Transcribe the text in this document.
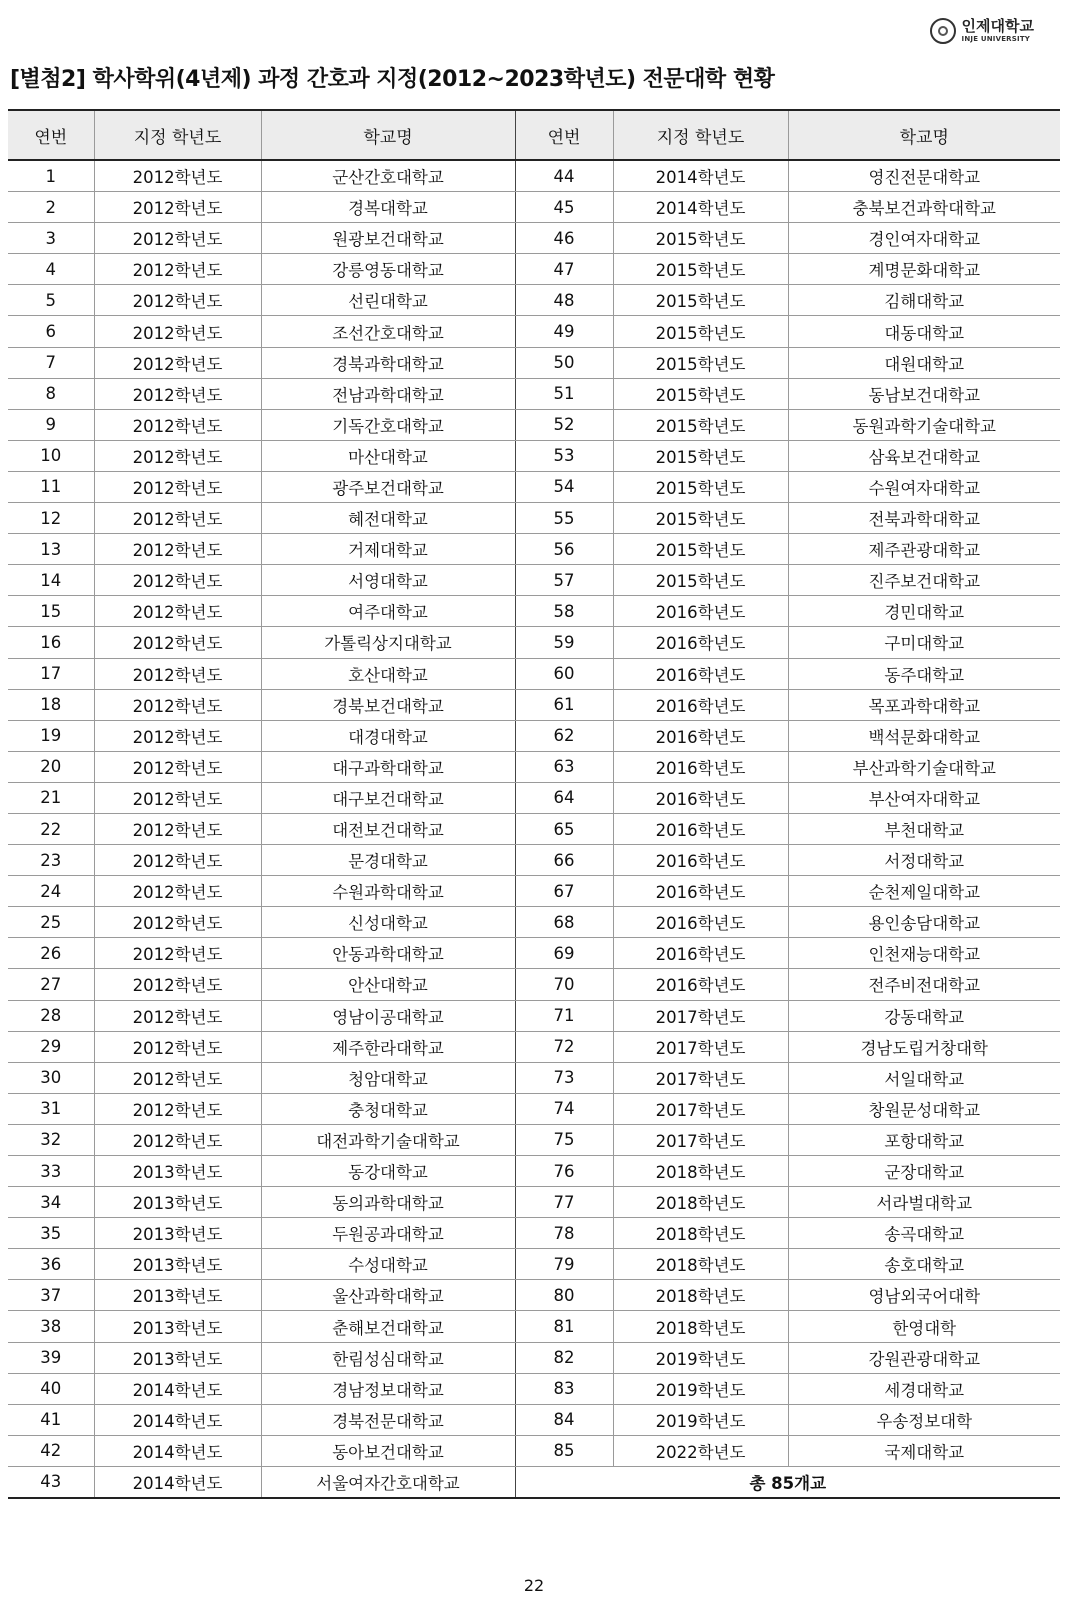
인제대학교
INJE UNIVERSITY
[별첨2] 학사학위(4년제) 과정 간호과 지정(2012~2023학년도) 전문대학 현황
연번	지정 학년도	학교명	연번	지정 학년도	학교명
1	2012학년도	군산간호대학교	44	2014학년도	영진전문대학교
2	2012학년도	경복대학교	45	2014학년도	충북보건과학대학교
3	2012학년도	원광보건대학교	46	2015학년도	경인여자대학교
4	2012학년도	강릉영동대학교	47	2015학년도	계명문화대학교
5	2012학년도	선린대학교	48	2015학년도	김해대학교
6	2012학년도	조선간호대학교	49	2015학년도	대동대학교
7	2012학년도	경북과학대학교	50	2015학년도	대원대학교
8	2012학년도	전남과학대학교	51	2015학년도	동남보건대학교
9	2012학년도	기독간호대학교	52	2015학년도	동원과학기술대학교
10	2012학년도	마산대학교	53	2015학년도	삼육보건대학교
11	2012학년도	광주보건대학교	54	2015학년도	수원여자대학교
12	2012학년도	혜전대학교	55	2015학년도	전북과학대학교
13	2012학년도	거제대학교	56	2015학년도	제주관광대학교
14	2012학년도	서영대학교	57	2015학년도	진주보건대학교
15	2012학년도	여주대학교	58	2016학년도	경민대학교
16	2012학년도	가톨릭상지대학교	59	2016학년도	구미대학교
17	2012학년도	호산대학교	60	2016학년도	동주대학교
18	2012학년도	경북보건대학교	61	2016학년도	목포과학대학교
19	2012학년도	대경대학교	62	2016학년도	백석문화대학교
20	2012학년도	대구과학대학교	63	2016학년도	부산과학기술대학교
21	2012학년도	대구보건대학교	64	2016학년도	부산여자대학교
22	2012학년도	대전보건대학교	65	2016학년도	부천대학교
23	2012학년도	문경대학교	66	2016학년도	서정대학교
24	2012학년도	수원과학대학교	67	2016학년도	순천제일대학교
25	2012학년도	신성대학교	68	2016학년도	용인송담대학교
26	2012학년도	안동과학대학교	69	2016학년도	인천재능대학교
27	2012학년도	안산대학교	70	2016학년도	전주비전대학교
28	2012학년도	영남이공대학교	71	2017학년도	강동대학교
29	2012학년도	제주한라대학교	72	2017학년도	경남도립거창대학
30	2012학년도	청암대학교	73	2017학년도	서일대학교
31	2012학년도	충청대학교	74	2017학년도	창원문성대학교
32	2012학년도	대전과학기술대학교	75	2017학년도	포항대학교
33	2013학년도	동강대학교	76	2018학년도	군장대학교
34	2013학년도	동의과학대학교	77	2018학년도	서라벌대학교
35	2013학년도	두원공과대학교	78	2018학년도	송곡대학교
36	2013학년도	수성대학교	79	2018학년도	송호대학교
37	2013학년도	울산과학대학교	80	2018학년도	영남외국어대학
38	2013학년도	춘해보건대학교	81	2018학년도	한영대학
39	2013학년도	한림성심대학교	82	2019학년도	강원관광대학교
40	2014학년도	경남정보대학교	83	2019학년도	세경대학교
41	2014학년도	경북전문대학교	84	2019학년도	우송정보대학
42	2014학년도	동아보건대학교	85	2022학년도	국제대학교
43	2014학년도	서울여자간호대학교	총 85개교		
22
